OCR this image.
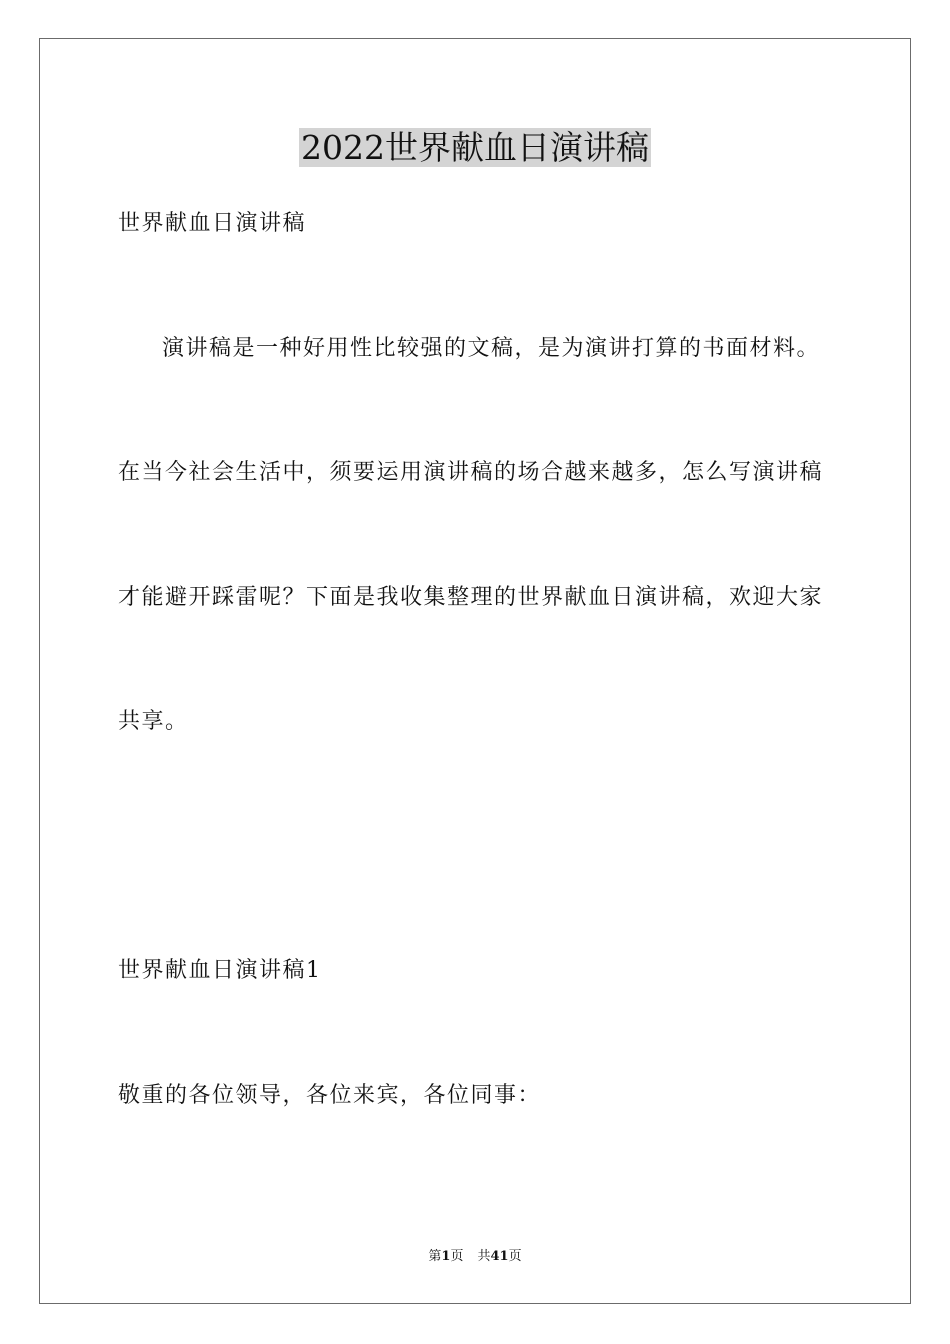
2022世界献血日演讲稿

世界献血日演讲稿

演讲稿是一种好用性比较强的文稿，是为演讲打算的书面材料。

在当今社会生活中，须要运用演讲稿的场合越来越多，怎么写演讲稿

才能避开踩雷呢？下面是我收集整理的世界献血日演讲稿，欢迎大家

共享。

世界献血日演讲稿1

敬重的各位领导，各位来宾，各位同事：

第1页 共41页
